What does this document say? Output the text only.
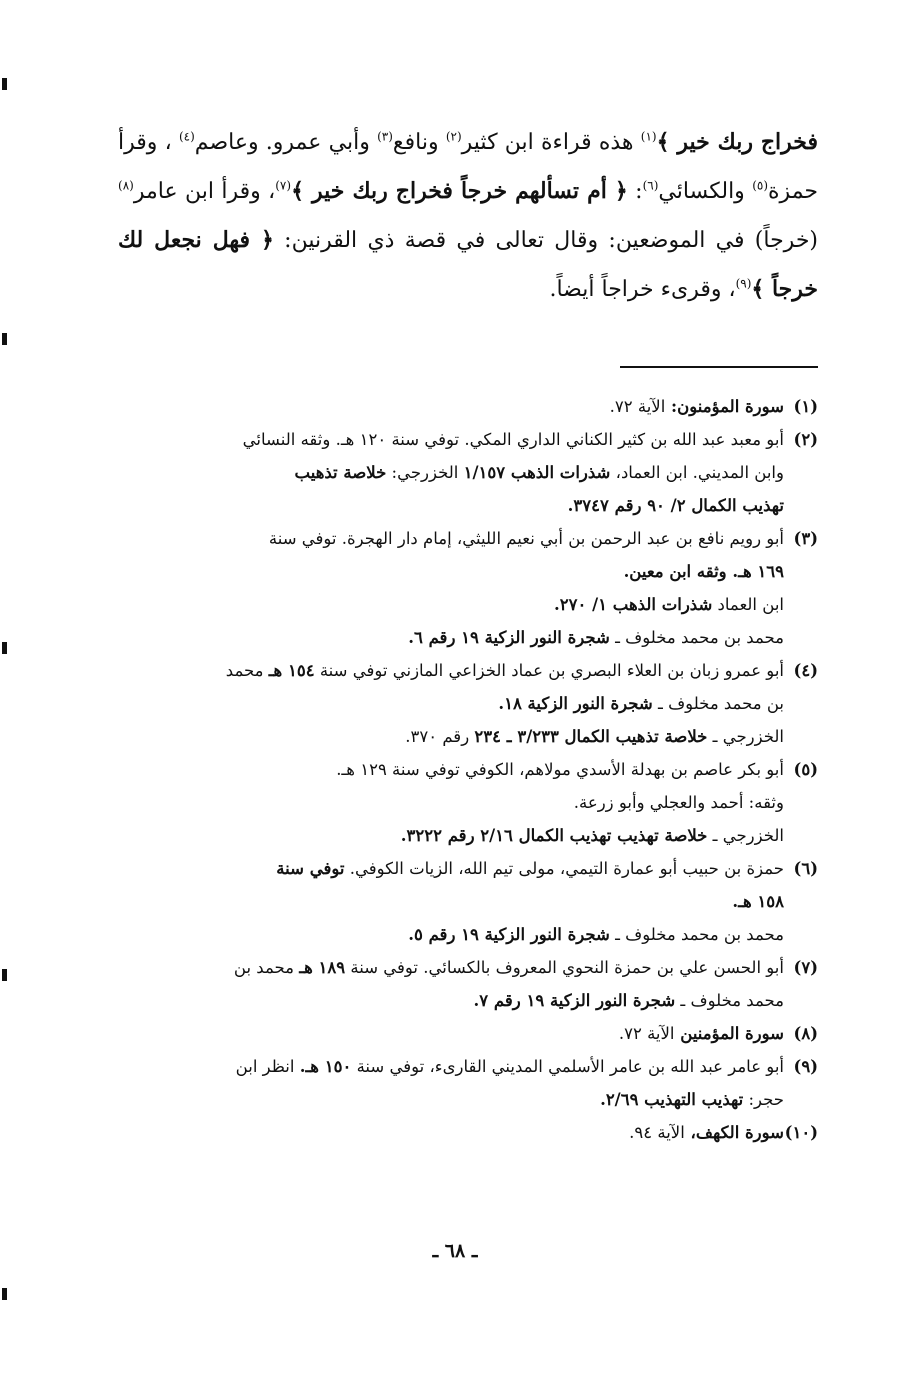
فخراج ربك خير ﴾$^{(١)}$ هذه قراءة ابن كثير$^{(٢)}$ ونافع$^{(٣)}$ وأبي عمرو. وعاصم$^{(٤)}$ ، وقرأ حمزة$^{(٥)}$ والكسائي$^{(٦)}$: ﴿ أم تسألهم خرجاً فخراج ربك خير ﴾$^{(٧)}$، وقرأ ابن عامر$^{(٨)}$ (خرجاً) في الموضعين: وقال تعالى في قصة ذي القرنين: ﴿ فهل نجعل لك خرجاً ﴾$^{(٩)}$، وقرىء خراجاً أيضاً.

(١)
سورة المؤمنون: الآية ٧٢.
(٢)
أبو معبد عبد الله بن كثير الكناني الداري المكي. توفي سنة ١٢٠ هـ. وثقه النسائي
وابن المديني. ابن العماد، شذرات الذهب ١/١٥٧ الخزرجي: خلاصة تذهيب
تهذيب الكمال ٢/ ٩٠ رقم ٣٧٤٧.
(٣)
أبو رويم نافع بن عبد الرحمن بن أبي نعيم الليثي، إمام دار الهجرة. توفي سنة
١٦٩ هـ. وثقه ابن معين.
ابن العماد شذرات الذهب ١/ ٢٧٠.
محمد بن محمد مخلوف ـ شجرة النور الزكية ١٩ رقم ٦.
(٤)
أبو عمرو زبان بن العلاء البصري بن عماد الخزاعي المازني توفي سنة ١٥٤ هـ محمد
بن محمد مخلوف ـ شجرة النور الزكية ١٨.
الخزرجي ـ خلاصة تذهيب الكمال ٣/٢٣٣ ـ ٢٣٤ رقم ٣٧٠.
(٥)
أبو بكر عاصم بن بهدلة الأسدي مولاهم، الكوفي توفي سنة ١٢٩ هـ.
وثقه: أحمد والعجلي وأبو زرعة.
الخزرجي ـ خلاصة تهذيب تهذيب الكمال ٢/١٦ رقم ٣٢٢٢.
(٦)
حمزة بن حبيب أبو عمارة التيمي، مولى تيم الله، الزيات الكوفي. توفي سنة
١٥٨ هـ.
محمد بن محمد مخلوف ـ شجرة النور الزكية ١٩ رقم ٥.
(٧)
أبو الحسن علي بن حمزة النحوي المعروف بالكسائي. توفي سنة ١٨٩ هـ محمد بن
محمد مخلوف ـ شجرة النور الزكية ١٩ رقم ٧.
(٨)
سورة المؤمنين الآية ٧٢.
(٩)
أبو عامر عبد الله بن عامر الأسلمي المديني القارىء، توفي سنة ١٥٠ هـ. انظر ابن
حجر: تهذيب التهذيب ٢/٦٩.
(١٠)
سورة الكهف، الآية ٩٤.
ـ ٦٨ ـ
